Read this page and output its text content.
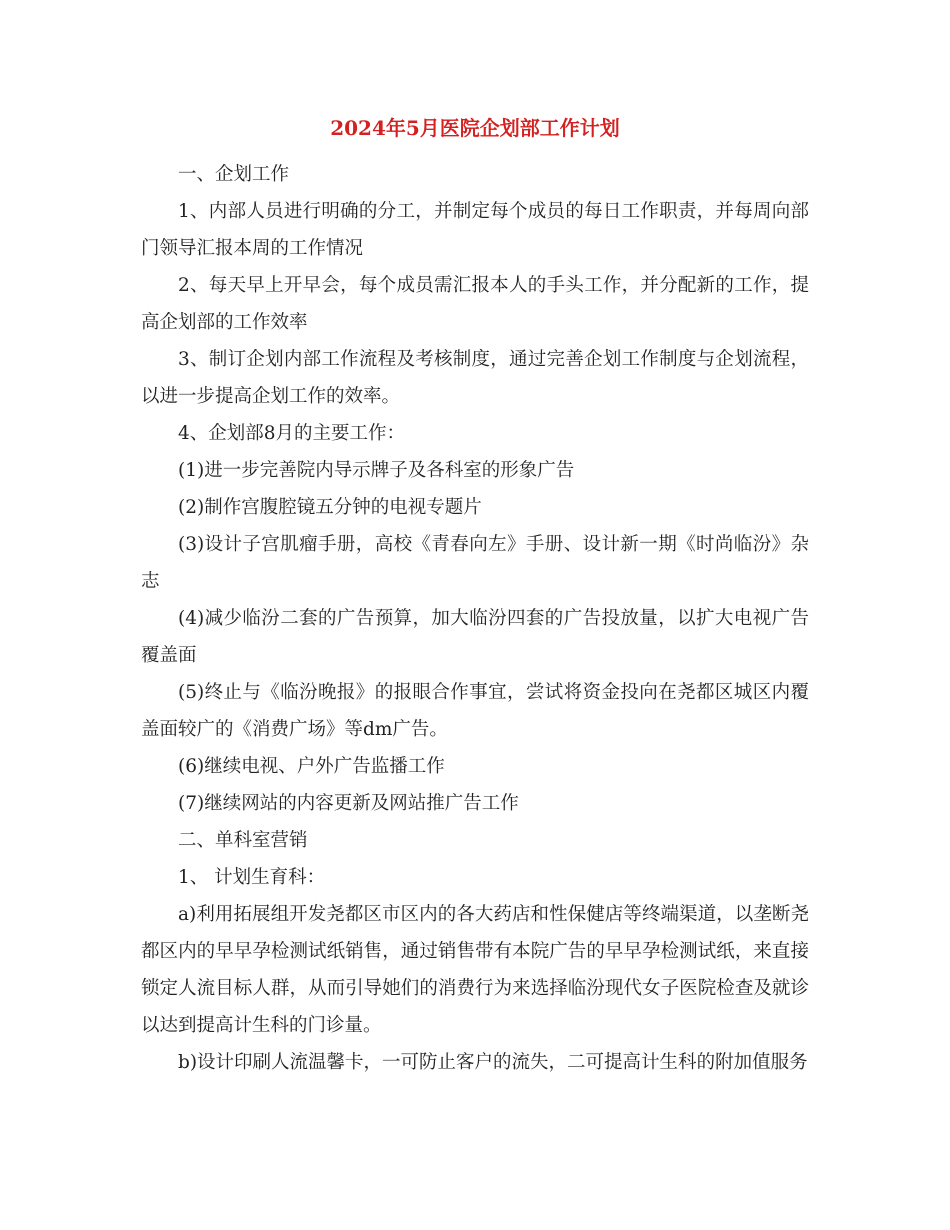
2024年5月医院企划部工作计划

一、企划工作

1、内部人员进行明确的分工，并制定每个成员的每日工作职责，并每周向部门领导汇报本周的工作情况

2、每天早上开早会，每个成员需汇报本人的手头工作，并分配新的工作，提高企划部的工作效率

3、制订企划内部工作流程及考核制度，通过完善企划工作制度与企划流程，以进一步提高企划工作的效率。

4、企划部8月的主要工作：

(1)进一步完善院内导示牌子及各科室的形象广告

(2)制作宫腹腔镜五分钟的电视专题片

(3)设计子宫肌瘤手册，高校《青春向左》手册、设计新一期《时尚临汾》杂志

(4)减少临汾二套的广告预算，加大临汾四套的广告投放量，以扩大电视广告覆盖面

(5)终止与《临汾晚报》的报眼合作事宜，尝试将资金投向在尧都区城区内覆盖面较广的《消费广场》等dm广告。

(6)继续电视、户外广告监播工作

(7)继续网站的内容更新及网站推广告工作

二、单科室营销

1、 计划生育科：

a)利用拓展组开发尧都区市区内的各大药店和性保健店等终端渠道，以垄断尧都区内的早早孕检测试纸销售，通过销售带有本院广告的早早孕检测试纸，来直接锁定人流目标人群，从而引导她们的消费行为来选择临汾现代女子医院检查及就诊以达到提高计生科的门诊量。

b)设计印刷人流温馨卡，一可防止客户的流失，二可提高计生科的附加值服务
